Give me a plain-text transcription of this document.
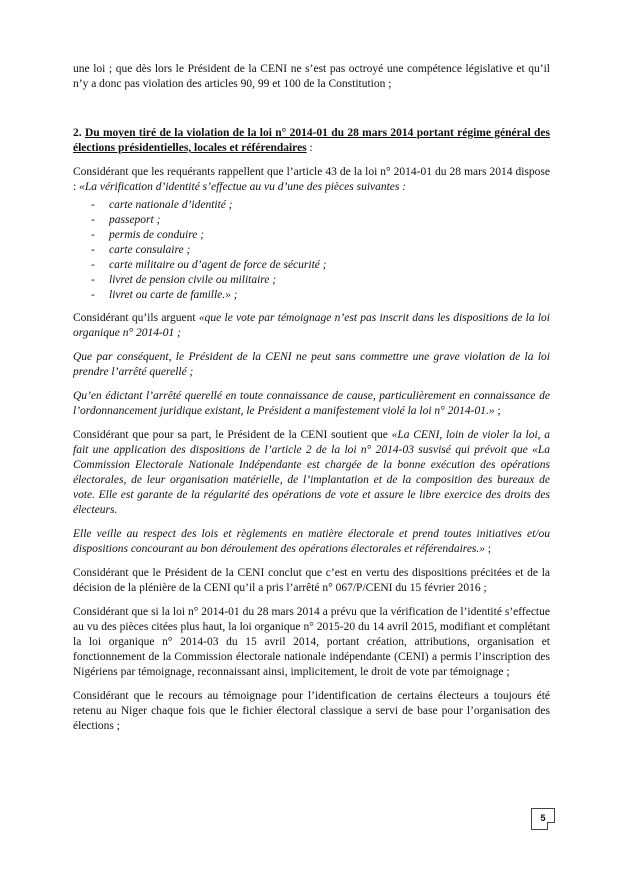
une loi ; que dès lors le Président de la CENI ne s’est pas octroyé une compétence législative et qu’il n’y a donc pas violation des articles 90, 99 et 100 de la Constitution ;

2. Du moyen tiré de la violation de la loi n° 2014-01 du 28 mars 2014 portant régime général des élections présidentielles, locales et référendaires :

Considérant que les requérants rappellent que l’article 43 de la loi n° 2014-01 du 28 mars 2014 dispose : «La vérification d’identité s’effectue au vu d’une des pièces suivantes :

- carte nationale d’identité ;
- passeport ;
- permis de conduire ;
- carte consulaire ;
- carte militaire ou d’agent de force de sécurité ;
- livret de pension civile ou militaire ;
- livret ou carte de famille.» ;

Considérant qu’ils arguent «que le vote par témoignage n’est pas inscrit dans les dispositions de la loi organique n° 2014-01 ;

Que par conséquent, le Président de la CENI ne peut sans commettre une grave violation de la loi prendre l’arrêté querellé ;

Qu’en édictant l’arrêté querellé en toute connaissance de cause, particulièrement en connaissance de l’ordonnancement juridique existant, le Président a manifestement violé la loi n° 2014-01.» ;

Considérant que pour sa part, le Président de la CENI soutient que «La CENI, loin de violer la loi, a fait une application des dispositions de l’article 2 de la loi n° 2014-03 susvisé qui prévoit que «La Commission Electorale Nationale Indépendante est chargée de la bonne exécution des opérations électorales, de leur organisation matérielle, de l’implantation et de la composition des bureaux de vote. Elle est garante de la régularité des opérations de vote et assure le libre exercice des droits des électeurs.

Elle veille au respect des lois et règlements en matière électorale et prend toutes initiatives et/ou dispositions concourant au bon déroulement des opérations électorales et référendaires.» ;

Considérant que le Président de la CENI conclut que c’est en vertu des dispositions précitées et de la décision de la plénière de la CENI qu’il a pris l’arrêté n° 067/P/CENI du 15 février 2016 ;

Considérant que si la loi n° 2014-01 du 28 mars 2014 a prévu que la vérification de l’identité s’effectue au vu des pièces citées plus haut, la loi organique n° 2015-20 du 14 avril 2015, modifiant et complétant la loi organique n° 2014-03 du 15 avril 2014, portant création, attributions, organisation et fonctionnement de la Commission électorale nationale indépendante (CENI) a permis l’inscription des Nigériens par témoignage, reconnaissant ainsi, implicitement, le droit de vote par témoignage ;

Considérant que le recours au témoignage pour l’identification de certains électeurs a toujours été retenu au Niger chaque fois que le fichier électoral classique a servi de base pour l’organisation des élections ;

5
